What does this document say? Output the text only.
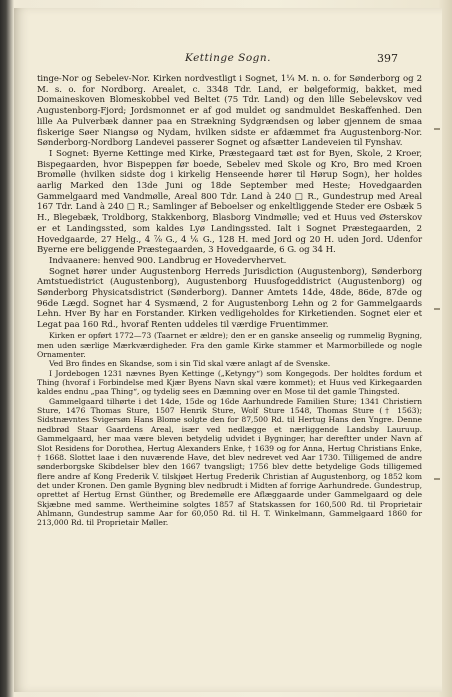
Kettinge Sogn.	397

tinge-Nor og Sebelev-Nor. Kirken nordvestligt i Sognet, 1¼ M. n. o. for Sønderborg og 2 M. s. o. for Nordborg. Arealet, c. 3348 Tdr. Land, er bølgeformig, bakket, med Domaineskoven Blomeskobbel ved Beltet (75 Tdr. Land) og den lille Sebelevskov ved Augustenborg-Fjord; Jordsmonnet er af god muldet og sandmuldet Beskaffenhed. Den lille Aa Pulverbæk danner paa en Strækning Sydgrændsen og løber gjennem de smaa fiskerige Søer Niangsø og Nydam, hvilken sidste er afdæmmet fra Augustenborg-Nor. Sønderborg-Nordborg Landevei passerer Sognet og afsætter Landeveien til Fynshav.

I Sognet: Byerne Kettinge med Kirke, Præstegaard tæt øst for Byen, Skole, 2 Kroer, Bispegaarden, hvor Bispeppen før boede, Sebelev med Skole og Kro, Bro med Kroen Bromølle (hvilken sidste dog i kirkelig Henseende hører til Hørup Sogn), her holdes aarlig Marked den 13de Juni og 18de September med Heste; Hovedgaarden Gammelgaard med Vandmølle, Areal 800 Tdr. Land à 240 □ R., Gundestrup med Areal 167 Tdr. Land à 240 □ R.; Samlinger af Beboelser og enkeltliggende Steder ere Osbæk 5 H., Blegebæk, Troldborg, Stakkenborg, Blasborg Vindmølle; ved et Huus ved Østerskov er et Landingssted, som kaldes Lyø Landingssted. Ialt i Sognet Præstegaarden, 2 Hovedgaarde, 27 Helg., 4 ⅞ G., 4 ⅙ G., 128 H. med Jord og 20 H. uden Jord. Udenfor Byerne ere beliggende Præstegaarden, 3 Hovedgaarde, 6 G. og 34 H.

Indvaanere: henved 900. Landbrug er Hovedervhervet.

Sognet hører under Augustenborg Herreds Jurisdiction (Augustenborg), Sønderborg Amtstuedistrict (Augustenborg), Augustenborg Huusfogeddistrict (Augustenborg) og Sønderborg Physicatsdistrict (Sønderborg). Danner Amtets 14de, 48de, 86de, 87de og 96de Lægd. Sognet har 4 Sysmænd, 2 for Augustenborg Lehn og 2 for Gammelgaards Lehn. Hver By har en Forstander. Kirken vedligeholdes for Kirketienden. Sognet eier et Legat paa 160 Rd., hvoraf Renten uddeles til værdige Fruentimmer.

Kirken er opført 1772—73 (Taarnet er ældre); den er en ganske anseelig og rummelig Bygning, men uden særlige Mærkværdigheder. Fra den gamle Kirke stammer et Marmorbillede og nogle Ornamenter.

Ved Bro findes en Skandse, som i sin Tid skal være anlagt af de Svenske.

I Jordebogen 1231 nævnes Byen Kettinge („Ketyngy“) som Kongegods. Der holdtes fordum et Thing (hvoraf i Forbindelse med Kjær Byens Navn skal være kommet); et Huus ved Kirkegaarden kaldes endnu „paa Thing“, og tydelig sees en Dæmning over en Mose til det gamle Thingsted.

Gammelgaard tilhørte i det 14de, 15de og 16de Aarhundrede Familien Sture; 1341 Christiern Sture, 1476 Thomas Sture, 1507 Henrik Sture, Wolf Sture 1548, Thomas Sture († 1563); Sidstnævntes Svigersøn Hans Blome solgte den for 87,500 Rd. til Hertug Hans den Yngre. Denne nedbrød Staar Gaardens Areal, især ved nedlægge et nærliggende Landsby Lauruup. Gammelgaard, her maa være bleven betydelig udvidet i Bygninger, har dereftter under Navn af Slot Residens for Dorothea, Hertug Alexanders Enke, † 1639 og for Anna, Hertug Christians Enke, † 1668. Slottet laae i den nuværende Have, det blev nedrevet ved Aar 1730. Tilligemed de andre sønderborgske Skibdelser blev den 1667 tvangsligt; 1756 blev dette betydelige Gods tilligemed flere andre af Kong Frederik V. tilskjøet Hertug Frederik Christian af Augustenborg, og 1852 kom det under Kronen. Den gamle Bygning blev nedbrudt i Midten af forrige Aarhundrede. Gundestrup, oprettet af Hertug Ernst Günther, og Bredemølle ere Aflæggaarde under Gammelgaard og dele Skjæbne med samme. Wertheimine solgtes 1857 af Statskassen for 160,500 Rd. til Proprietair Ahlmann, Gundestrup samme Aar for 60,050 Rd. til H. T. Winkelmann, Gammelgaard 1860 for 213,000 Rd. til Proprietair Møller.
